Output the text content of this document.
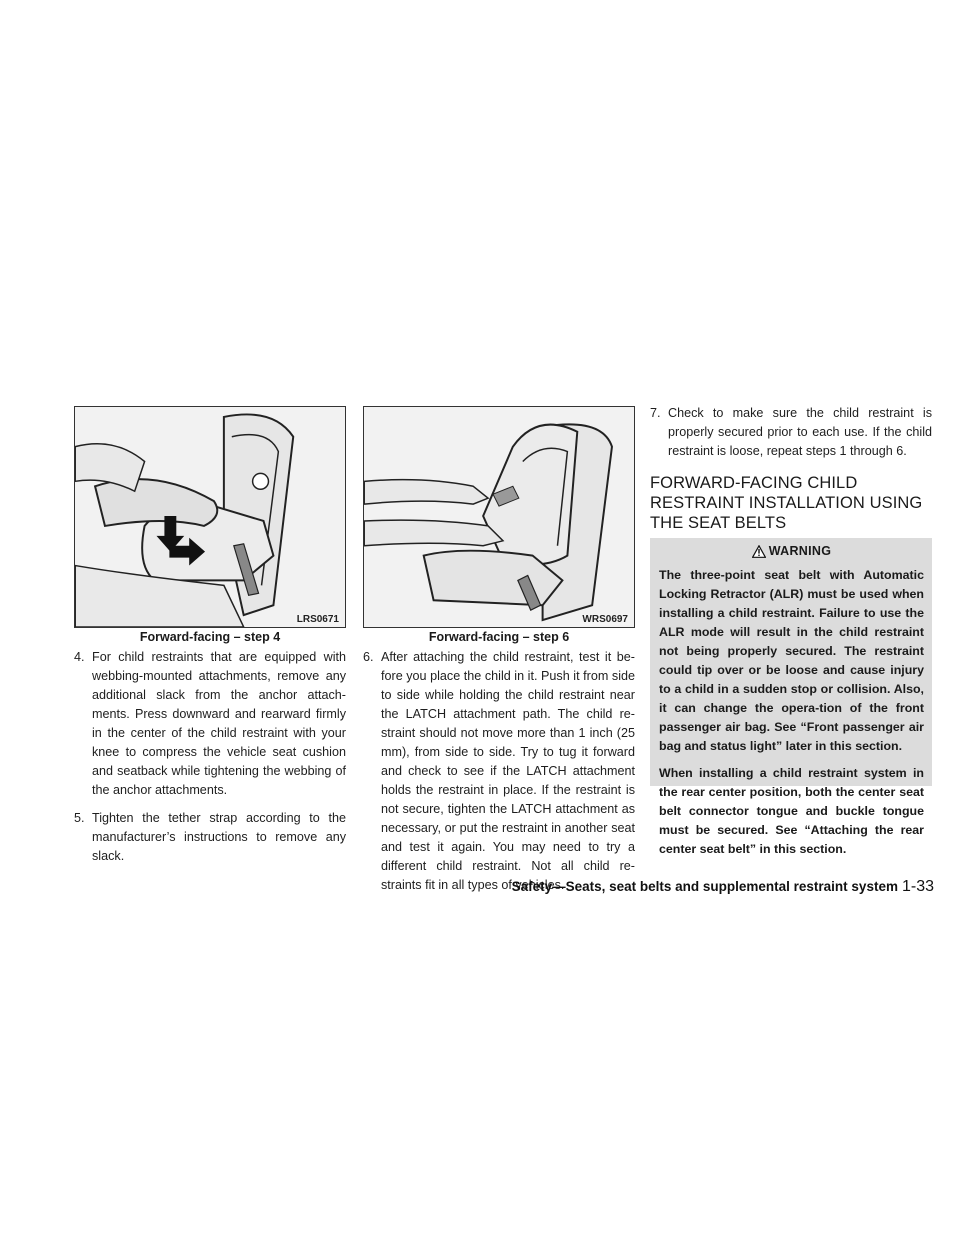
LRS0671
Forward-facing – step 4
WRS0697
Forward-facing – step 6

4. For child restraints that are equipped with webbing-mounted attachments, remove any additional slack from the anchor attach-ments. Press downward and rearward firmly in the center of the child restraint with your knee to compress the vehicle seat cushion and seatback while tightening the webbing of the anchor attachments.

5. Tighten the tether strap according to the manufacturer’s instructions to remove any slack.

6. After attaching the child restraint, test it be-fore you place the child in it. Push it from side to side while holding the child restraint near the LATCH attachment path. The child re-straint should not move more than 1 inch (25 mm), from side to side. Try to tug it forward and check to see if the LATCH attachment holds the restraint in place. If the restraint is not secure, tighten the LATCH attachment as necessary, or put the restraint in another seat and test it again. You may need to try a different child restraint. Not all child re-straints fit in all types of vehicles.

7. Check to make sure the child restraint is properly secured prior to each use. If the child restraint is loose, repeat steps 1 through 6.

FORWARD-FACING CHILD RESTRAINT INSTALLATION USING THE SEAT BELTS
WARNING

The three-point seat belt with Automatic Locking Retractor (ALR) must be used when installing a child restraint. Failure to use the ALR mode will result in the child restraint not being properly secured. The restraint could tip over or be loose and cause injury to a child in a sudden stop or collision. Also, it can change the opera-tion of the front passenger air bag. See “Front passenger air bag and status light” later in this section.

When installing a child restraint system in the rear center position, both the center seat belt connector tongue and buckle tongue must be secured. See “Attaching the rear center seat belt” in this section.

Safety—Seats, seat belts and supplemental restraint system 1-33
